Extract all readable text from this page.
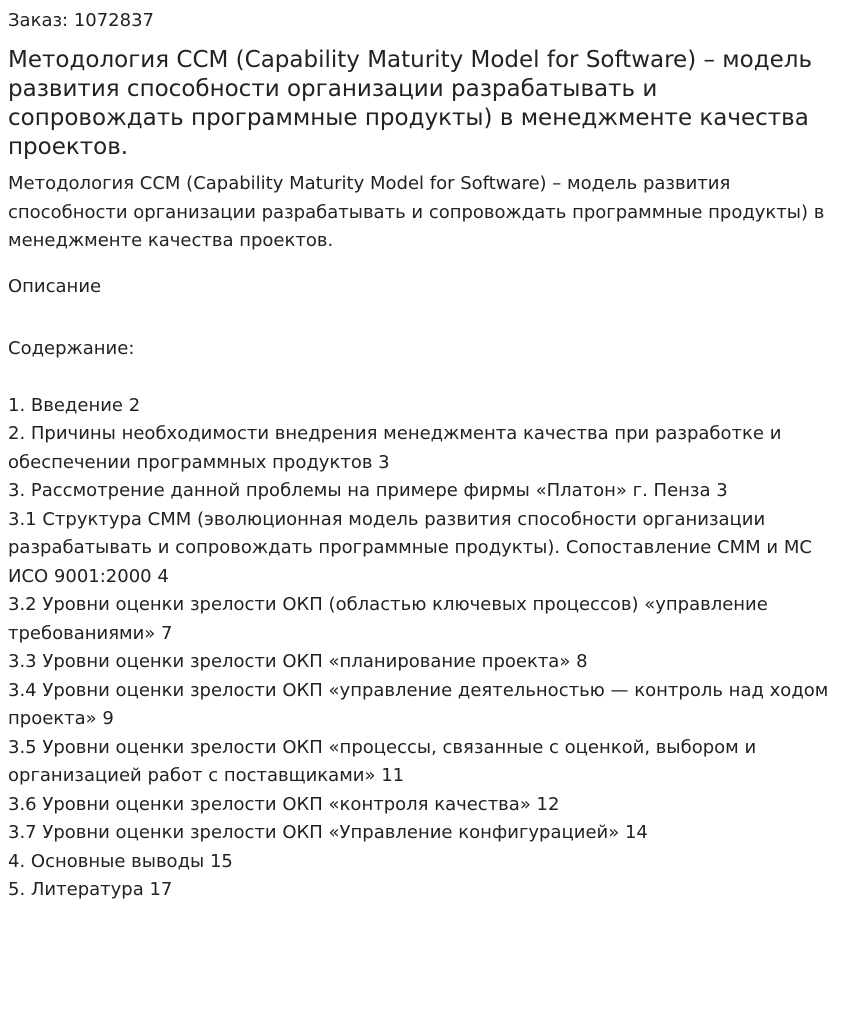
Заказ: 1072837
Методология CCM (Capability Maturity Model for Software) – модель развития способности организации разрабатывать и сопровождать программные продукты) в менеджменте качества проектов.

Методология CCM (Capability Maturity Model for Software) – модель развития способности организации разрабатывать и сопровождать программные продукты) в менеджменте качества проектов.

Описание
Содержание:
1. Введение 2
2. Причины необходимости внедрения менеджмента качества при разработке и обеспечении программных продуктов 3
3. Рассмотрение данной проблемы на примере фирмы «Платон» г. Пенза 3
3.1 Структура CMM (эволюционная модель развития способности организации разрабатывать и сопровождать программные продукты). Сопоставление CMM и МС ИСО 9001:2000 4
3.2 Уровни оценки зрелости ОКП (областью ключевых процессов) «управление требованиями» 7
3.3 Уровни оценки зрелости ОКП «планирование проекта» 8
3.4 Уровни оценки зрелости ОКП «управление деятельностью — контроль над ходом проекта» 9
3.5 Уровни оценки зрелости ОКП «процессы, связанные с оценкой, выбором и организацией работ с поставщиками» 11
3.6 Уровни оценки зрелости ОКП «контроля качества» 12
3.7 Уровни оценки зрелости ОКП «Управление конфигурацией» 14
4. Основные выводы 15
5. Литература 17
